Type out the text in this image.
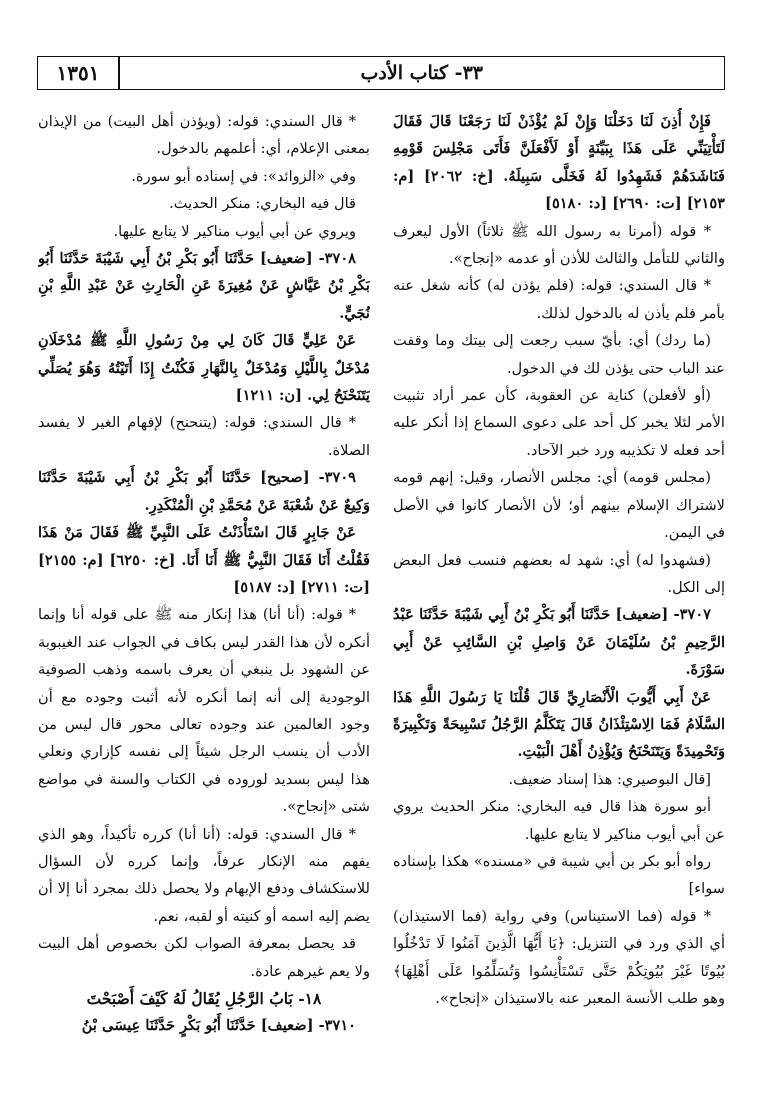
٣٣- كتاب الأدب
١٣٥١

فَإِنْ أُذِنَ لَنَا دَخَلْنَا وَإِنْ لَمْ يُؤْذَنْ لَنَا رَجَعْنَا قَالَ فَقَالَ لَتَأْتِيَنِّي عَلَى هَذَا بِبَيِّنَةٍ أَوْ لَأَفْعَلَنَّ فَأَتَى مَجْلِسَ قَوْمِهِ فَنَاشَدَهُمْ فَشَهِدُوا لَهُ فَخَلَّى سَبِيلَهُ. [خ: ٢٠٦٢] [م: ٢١٥٣] [ت: ٢٦٩٠] [د: ٥١٨٠]

* قوله (أمرنا به رسول الله ﷺ ثلاثاً) الأول ليعرف والثاني للتأمل والثالث للأذن أو عدمه «إنجاح».

* قال السندي: قوله: (فلم يؤذن له) كأنه شغل عنه بأمر فلم يأذن له بالدخول لذلك.

(ما ردك) أي: بأيّ سبب رجعت إلى بيتك وما وقفت عند الباب حتى يؤذن لك في الدخول.

(أو لأفعلن) كناية عن العقوبة، كأن عمر أراد تثبيت الأمر لئلا يخبر كل أحد على دعوى السماع إذا أنكر عليه أحد فعله لا تكذيبه ورد خبر الآحاد.

(مجلس قومه) أي: مجلس الأنصار، وقيل: إنهم قومه لاشتراك الإسلام بينهم أو؛ لأن الأنصار كانوا في الأصل في اليمن.

(فشهدوا له) أي: شهد له بعضهم فنسب فعل البعض إلى الكل.

٣٧٠٧- [ضعيف] حَدَّثَنَا أَبُو بَكْرِ بْنُ أَبِي شَيْبَةَ حَدَّثَنَا عَبْدُ الرَّحِيمِ بْنُ سُلَيْمَانَ عَنْ وَاصِلِ بْنِ السَّائِبِ عَنْ أَبِي سَوْرَةَ.

عَنْ أَبِي أَيُّوبَ الْأَنْصَارِيِّ قَالَ قُلْنَا يَا رَسُولَ اللَّهِ هَذَا السَّلَامُ فَمَا الِاسْتِئْذَانُ قَالَ يَتَكَلَّمُ الرَّجُلُ تَسْبِيحَةً وَتَكْبِيرَةً وَتَحْمِيدَةً وَيَتَنَحْنَحُ وَيُؤْذِنُ أَهْلَ الْبَيْتِ.

[قال البوصيري: هذا إسناد ضعيف.

أبو سورة هذا قال فيه البخاري: منكر الحديث يروي عن أبي أيوب مناكير لا يتابع عليها.

رواه أبو بكر بن أبي شيبة في «مسنده» هكذا بإسناده سواء]

* قوله (فما الاستيناس) وفي رواية (فما الاستيذان) أي الذي ورد في التنزيل: ﴿يَا أَيُّهَا الَّذِينَ آمَنُوا لَا تَدْخُلُوا بُيُوتًا غَيْرَ بُيُوتِكُمْ حَتَّى تَسْتَأْنِسُوا وَتُسَلِّمُوا عَلَى أَهْلِهَا﴾ وهو طلب الأنسة المعبر عنه بالاستيذان «إنجاح».

* قال السندي: قوله: (ويؤذن أهل البيت) من الإيذان بمعنى الإعلام، أي: أعلمهم بالدخول.

وفي «الزوائد»: في إسناده أبو سورة.

قال فيه البخاري: منكر الحديث.

ويروي عن أبي أيوب مناكير لا يتابع عليها.

٣٧٠٨- [ضعيف] حَدَّثَنَا أَبُو بَكْرِ بْنُ أَبِي شَيْبَةَ حَدَّثَنَا أَبُو بَكْرِ بْنُ عَيَّاشٍ عَنْ مُغِيرَةَ عَنِ الْحَارِثِ عَنْ عَبْدِ اللَّهِ بْنِ نُجَيٍّ.

عَنْ عَلِيٍّ قَالَ كَانَ لِي مِنْ رَسُولِ اللَّهِ ﷺ مُدْخَلَانِ مُدْخَلٌ بِاللَّيْلِ وَمُدْخَلٌ بِالنَّهَارِ فَكُنْتُ إِذَا أَتَيْتُهُ وَهُوَ يُصَلِّي يَتَنَحْنَحُ لِي. [ن: ١٢١١]

* قال السندي: قوله: (يتنحنح) لإفهام الغير لا يفسد الصلاة.

٣٧٠٩- [صحيح] حَدَّثَنَا أَبُو بَكْرِ بْنُ أَبِي شَيْبَةَ حَدَّثَنَا وَكِيعٌ عَنْ شُعْبَةَ عَنْ مُحَمَّدِ بْنِ الْمُنْكَدِرِ.

عَنْ جَابِرٍ قَالَ اسْتَأْذَنْتُ عَلَى النَّبِيِّ ﷺ فَقَالَ مَنْ هَذَا فَقُلْتُ أَنَا فَقَالَ النَّبِيُّ ﷺ أَنَا أَنَا. [خ: ٦٢٥٠] [م: ٢١٥٥] [ت: ٢٧١١] [د: ٥١٨٧]

* قوله: (أنا أنا) هذا إنكار منه ﷺ على قوله أنا وإنما أنكره لأن هذا القدر ليس بكاف في الجواب عند الغيبوبة عن الشهود بل ينبغي أن يعرف باسمه وذهب الصوفية الوجودية إلى أنه إنما أنكره لأنه أثبت وجوده مع أن وجود العالمين عند وجوده تعالى محور قال ليس من الأدب أن ينسب الرجل شيئاً إلى نفسه كإزاري ونعلي هذا ليس بسديد لوروده في الكتاب والسنة في مواضع شتى «إنجاح».

* قال السندي: قوله: (أنا أنا) كرره تأكيداً، وهو الذي يفهم منه الإنكار عرفاً، وإنما كرره لأن السؤال للاستكشاف ودفع الإبهام ولا يحصل ذلك بمجرد أنا إلا أن يضم إليه اسمه أو كنيته أو لقبه، نعم.

قد يحصل بمعرفة الصواب لكن بخصوص أهل البيت ولا يعم غيرهم عادة.

١٨- بَابُ الرَّجُلِ يُقَالُ لَهُ كَيْفَ أَصْبَحْتَ

٣٧١٠- [ضعيف] حَدَّثَنَا أَبُو بَكْرٍ حَدَّثَنَا عِيسَى بْنُ
